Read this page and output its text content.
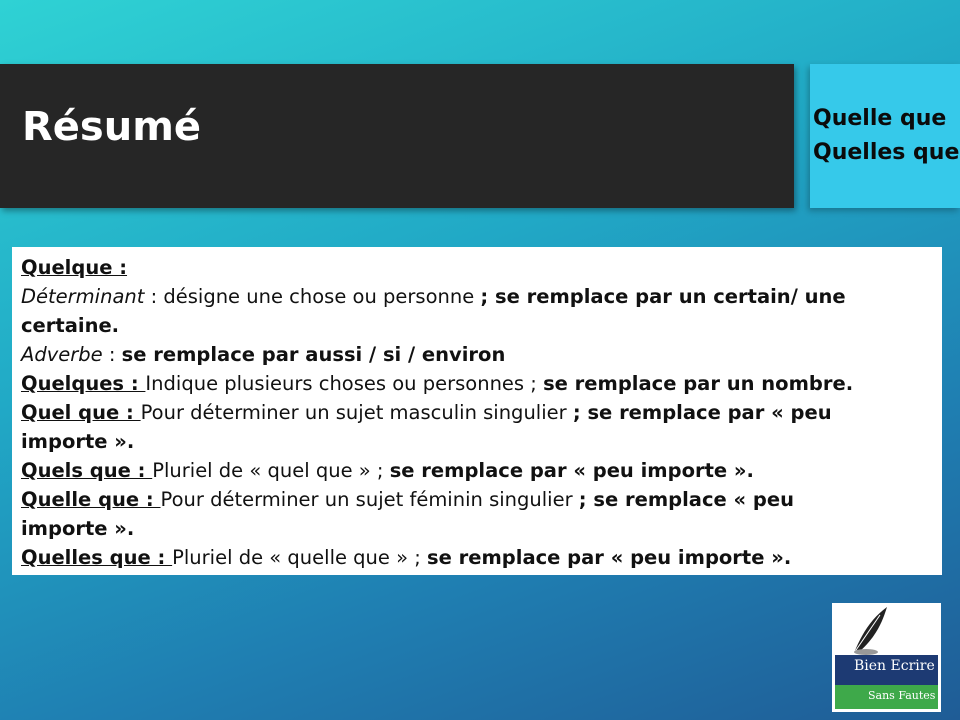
Résumé	Quelle que
Quelles que
Quelque :
Déterminant : désigne une chose ou personne ; se remplace par un certain/ une
certaine.
Adverbe : se remplace par aussi / si / environ
Quelques : Indique plusieurs choses ou personnes ; se remplace par un nombre.
Quel que : Pour déterminer un sujet masculin singulier ; se remplace par « peu
importe ».
Quels que : Pluriel de « quel que » ; se remplace par « peu importe ».
Quelle que : Pour déterminer un sujet féminin singulier ; se remplace « peu
importe ».
Quelles que : Pluriel de « quelle que » ; se remplace par « peu importe ».
Bien Ecrire
Sans Fautes
